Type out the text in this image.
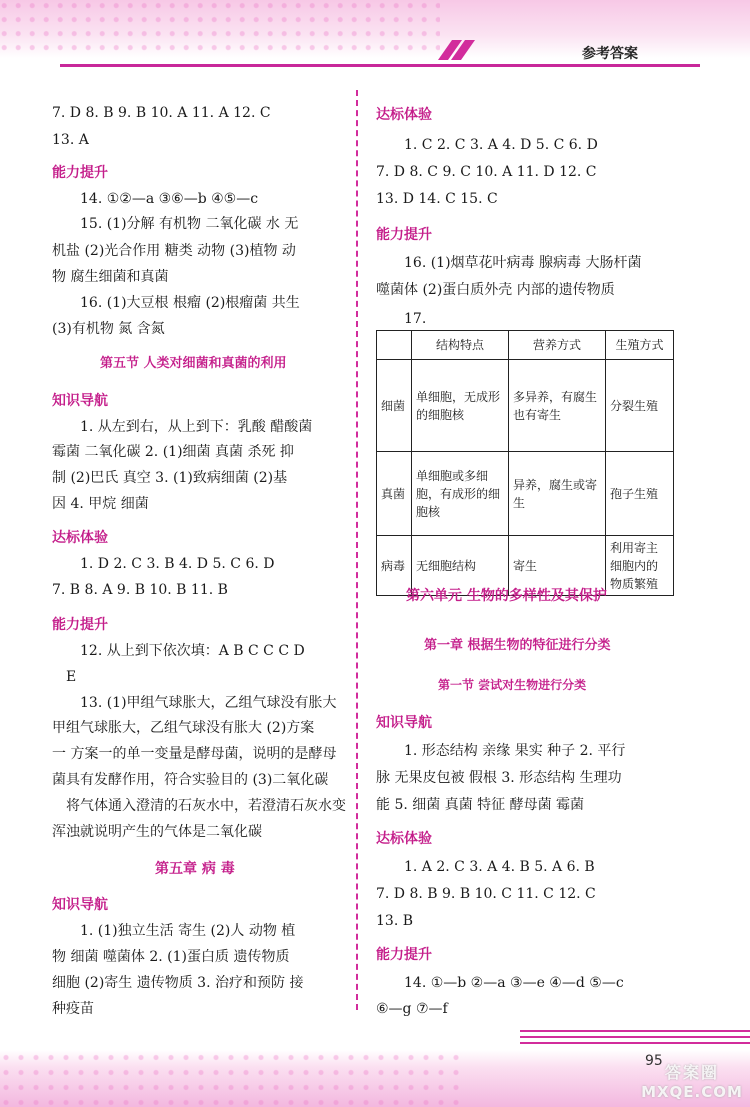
参考答案
7. D 8. B 9. B 10. A 11. A 12. C
13. A
能力提升
14. ①②—a ③⑥—b ④⑤—c
15. (1)分解 有机物 二氧化碳 水 无
机盐 (2)光合作用 糖类 动物 (3)植物 动
物 腐生细菌和真菌
16. (1)大豆根 根瘤 (2)根瘤菌 共生
(3)有机物 氮 含氮
第五节 人类对细菌和真菌的利用
知识导航
1. 从左到右，从上到下：乳酸 醋酸菌
霉菌 二氧化碳 2. (1)细菌 真菌 杀死 抑
制 (2)巴氏 真空 3. (1)致病细菌 (2)基
因 4. 甲烷 细菌
达标体验
1. D 2. C 3. B 4. D 5. C 6. D
7. B 8. A 9. B 10. B 11. B
能力提升
12. 从上到下依次填：A B C C C D
E
13. (1)甲组气球胀大，乙组气球没有胀大
甲组气球胀大，乙组气球没有胀大 (2)方案
一 方案一的单一变量是酵母菌，说明的是酵母
菌具有发酵作用，符合实验目的 (3)二氧化碳
将气体通入澄清的石灰水中，若澄清石灰水变
浑浊就说明产生的气体是二氧化碳
第五章 病 毒
知识导航
1. (1)独立生活 寄生 (2)人 动物 植
物 细菌 噬菌体 2. (1)蛋白质 遗传物质
细胞 (2)寄生 遗传物质 3. 治疗和预防 接
种疫苗
达标体验
1. C 2. C 3. A 4. D 5. C 6. D
7. D 8. C 9. C 10. A 11. D 12. C
13. D 14. C 15. C
能力提升
16. (1)烟草花叶病毒 腺病毒 大肠杆菌
噬菌体 (2)蛋白质外壳 内部的遗传物质
17.
	结构特点	营养方式	生殖方式
细菌	单细胞，无成形的细胞核	多异养，有腐生也有寄生	分裂生殖
真菌	单细胞或多细胞，有成形的细胞核	异养，腐生或寄生	孢子生殖
病毒	无细胞结构	寄生	利用寄主细胞内的物质繁殖
第六单元 生物的多样性及其保护
第一章 根据生物的特征进行分类
第一节 尝试对生物进行分类
知识导航
1. 形态结构 亲缘 果实 种子 2. 平行
脉 无果皮包被 假根 3. 形态结构 生理功
能 5. 细菌 真菌 特征 酵母菌 霉菌
达标体验
1. A 2. C 3. A 4. B 5. A 6. B
7. D 8. B 9. B 10. C 11. C 12. C
13. B
能力提升
14. ①—b ②—a ③—e ④—d ⑤—c
⑥—g ⑦—f
95
答案圈
MXQE.COM
